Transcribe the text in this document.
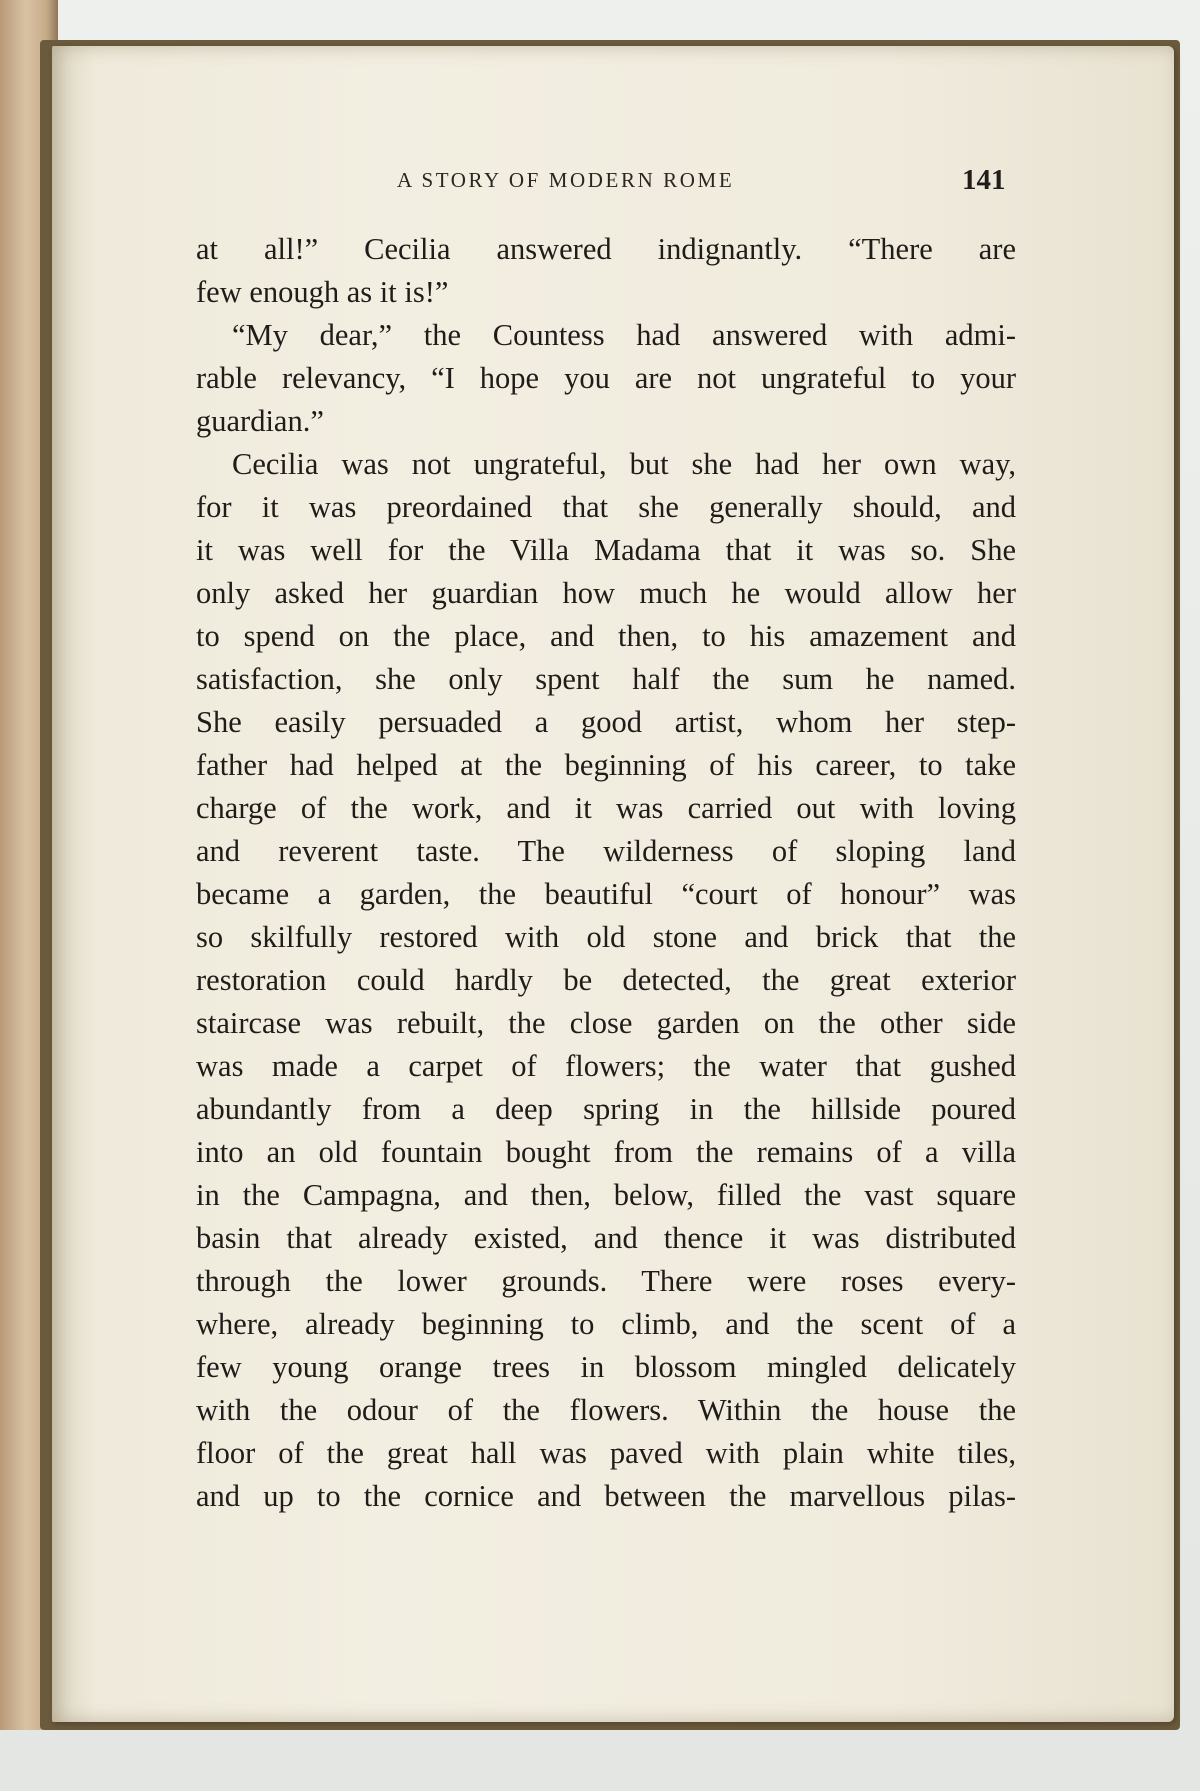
A STORY OF MODERN ROME	141
at all!” Cecilia answered indignantly. “There are
few enough as it is!”
“My dear,” the Countess had answered with admi-
rable relevancy, “I hope you are not ungrateful to your
guardian.”
Cecilia was not ungrateful, but she had her own way,
for it was preordained that she generally should, and
it was well for the Villa Madama that it was so. She
only asked her guardian how much he would allow her
to spend on the place, and then, to his amazement and
satisfaction, she only spent half the sum he named.
She easily persuaded a good artist, whom her step-
father had helped at the beginning of his career, to take
charge of the work, and it was carried out with loving
and reverent taste. The wilderness of sloping land
became a garden, the beautiful “court of honour” was
so skilfully restored with old stone and brick that the
restoration could hardly be detected, the great exterior
staircase was rebuilt, the close garden on the other side
was made a carpet of flowers; the water that gushed
abundantly from a deep spring in the hillside poured
into an old fountain bought from the remains of a villa
in the Campagna, and then, below, filled the vast square
basin that already existed, and thence it was distributed
through the lower grounds. There were roses every-
where, already beginning to climb, and the scent of a
few young orange trees in blossom mingled delicately
with the odour of the flowers. Within the house the
floor of the great hall was paved with plain white tiles,
and up to the cornice and between the marvellous pilas-
